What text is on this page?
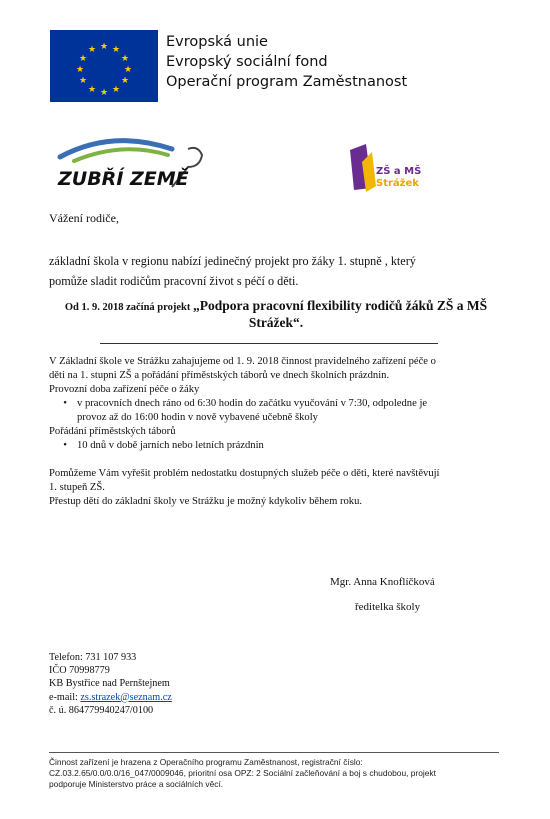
★ ★
★
★
★
★
★
★
★
★
★
★	Evropská unie
Evropský sociální fond
Operační program Zaměstnanost
ZUBŘÍ ZEMĚ	ZŠ a MŠ
Strážek
Vážení rodiče,
základní škola v regionu nabízí jedinečný projekt pro žáky 1. stupně , který
pomůže sladit rodičům pracovní život s péčí o děti.
Od 1. 9. 2018 začíná projekt „Podpora pracovní flexibility rodičů žáků ZŠ a MŠ
Strážek“.
V Základní škole ve Strážku zahajujeme od 1. 9. 2018 činnost pravidelného zařízení péče o
děti na 1. stupni ZŠ a pořádání příměstských táborů ve dnech školních prázdnin.
Provozní doba zařízení péče o žáky
• v pracovních dnech ráno od 6:30 hodin do začátku vyučování v 7:30, odpoledne je
provoz až do 16:00 hodin v nově vybavené učebně školy
Pořádání příměstských táborů
• 10 dnů v době jarních nebo letních prázdnin
Pomůžeme Vám vyřešit problém nedostatku dostupných služeb péče o děti, které navštěvují
1. stupeň ZŠ.
Přestup dětí do základní školy ve Strážku je možný kdykoliv během roku.
Mgr. Anna Knoflíčková
ředitelka školy
Telefon: 731 107 933
IČO 70998779
KB Bystřice nad Pernštejnem
e-mail: zs.strazek@seznam.cz
č. ú. 864779940247/0100
Činnost zařízení je hrazena z Operačního programu Zaměstnanost, registrační číslo:
CZ.03.2.65/0.0/0.0/16_047/0009046, prioritní osa OPZ: 2 Sociální začleňování a boj s chudobou, projekt
podporuje Ministerstvo práce a sociálních věcí.
